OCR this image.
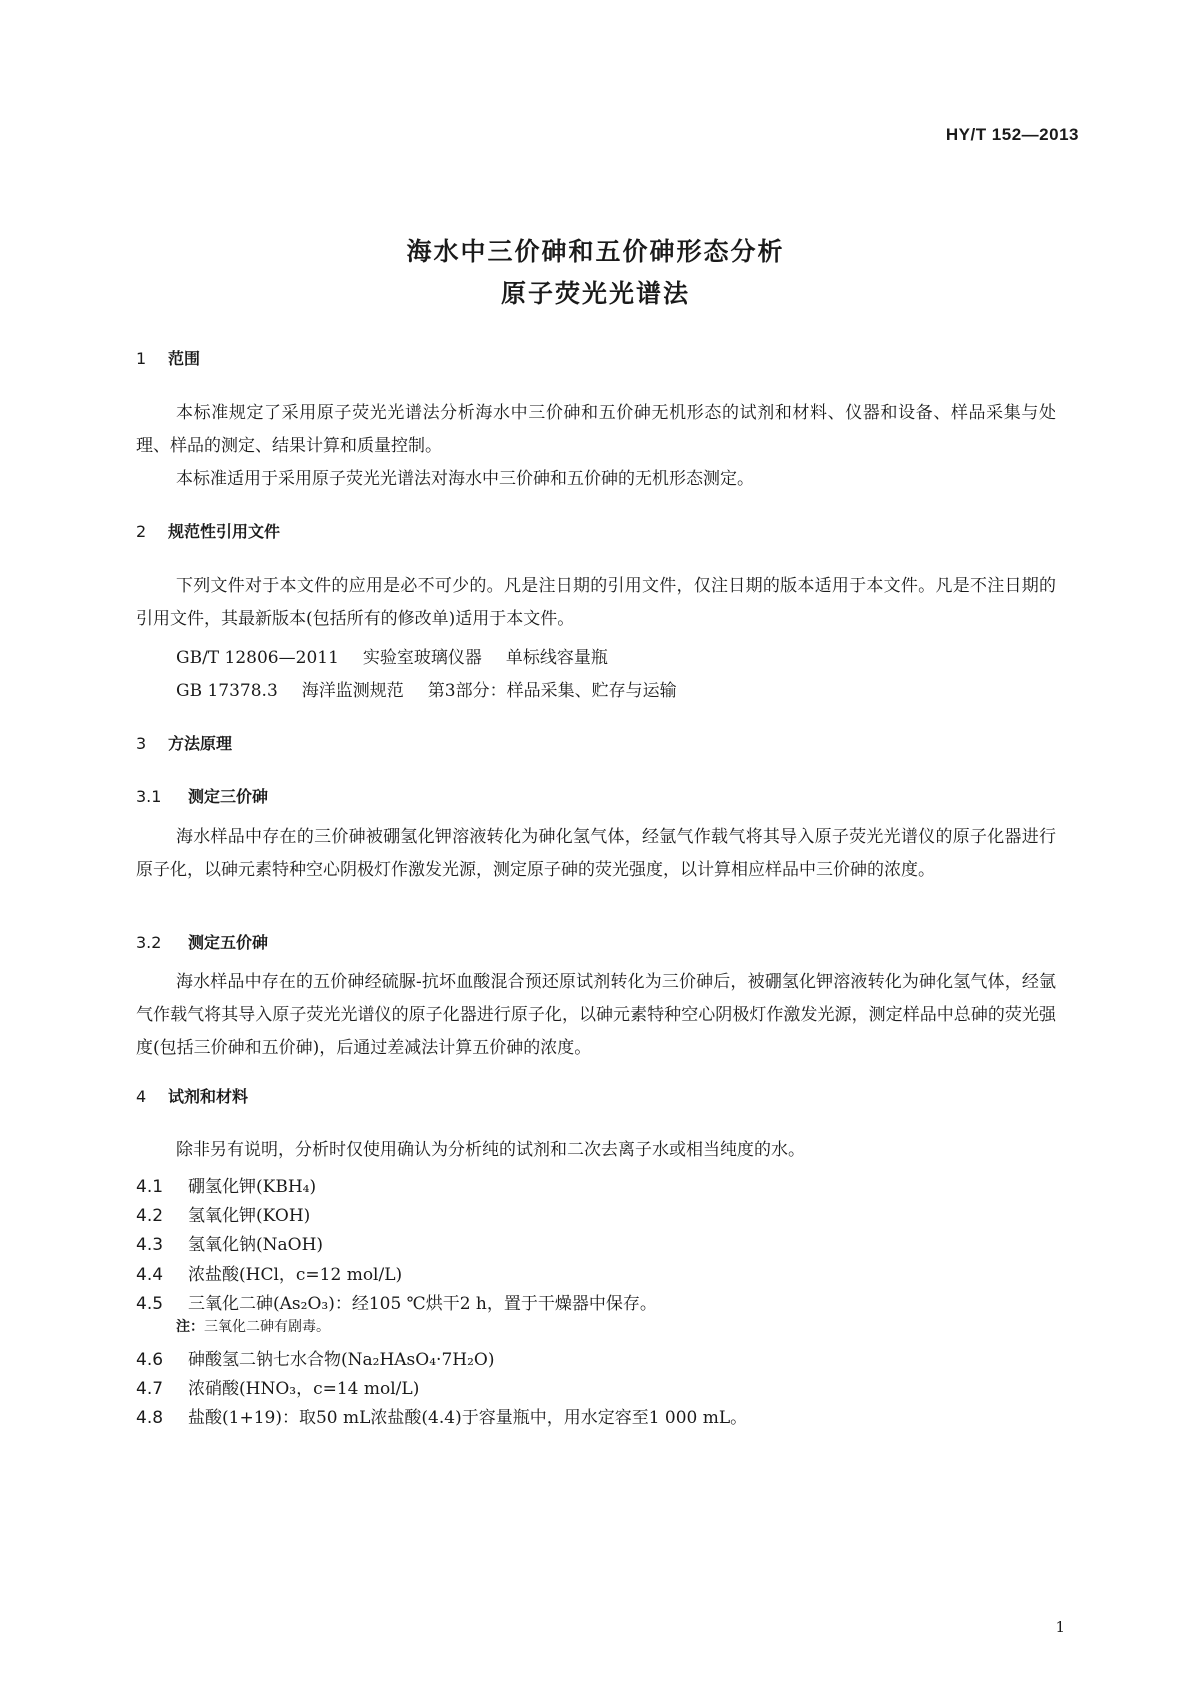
HY/T 152—2013
海水中三价砷和五价砷形态分析
原子荧光光谱法
1 范围

本标准规定了采用原子荧光光谱法分析海水中三价砷和五价砷无机形态的试剂和材料、仪器和设备、样品采集与处理、样品的测定、结果计算和质量控制。

本标准适用于采用原子荧光光谱法对海水中三价砷和五价砷的无机形态测定。

2 规范性引用文件

下列文件对于本文件的应用是必不可少的。凡是注日期的引用文件，仅注日期的版本适用于本文件。凡是不注日期的引用文件，其最新版本(包括所有的修改单)适用于本文件。

GB/T 12806—2011 实验室玻璃仪器 单标线容量瓶
GB 17378.3 海洋监测规范 第3部分：样品采集、贮存与运输
3 方法原理
3.1 测定三价砷

海水样品中存在的三价砷被硼氢化钾溶液转化为砷化氢气体，经氩气作载气将其导入原子荧光光谱仪的原子化器进行原子化，以砷元素特种空心阴极灯作激发光源，测定原子砷的荧光强度，以计算相应样品中三价砷的浓度。

3.2 测定五价砷

海水样品中存在的五价砷经硫脲-抗坏血酸混合预还原试剂转化为三价砷后，被硼氢化钾溶液转化为砷化氢气体，经氩气作载气将其导入原子荧光光谱仪的原子化器进行原子化，以砷元素特种空心阴极灯作激发光源，测定样品中总砷的荧光强度(包括三价砷和五价砷)，后通过差减法计算五价砷的浓度。

4 试剂和材料

除非另有说明，分析时仅使用确认为分析纯的试剂和二次去离子水或相当纯度的水。

4.1 硼氢化钾(KBH₄)
4.2 氢氧化钾(KOH)
4.3 氢氧化钠(NaOH)
4.4 浓盐酸(HCl，c=12 mol/L)
4.5 三氧化二砷(As₂O₃)：经105 ℃烘干2 h，置于干燥器中保存。
注：三氧化二砷有剧毒。
4.6 砷酸氢二钠七水合物(Na₂HAsO₄·7H₂O)
4.7 浓硝酸(HNO₃，c=14 mol/L)
4.8 盐酸(1+19)：取50 mL浓盐酸(4.4)于容量瓶中，用水定容至1 000 mL。
1
